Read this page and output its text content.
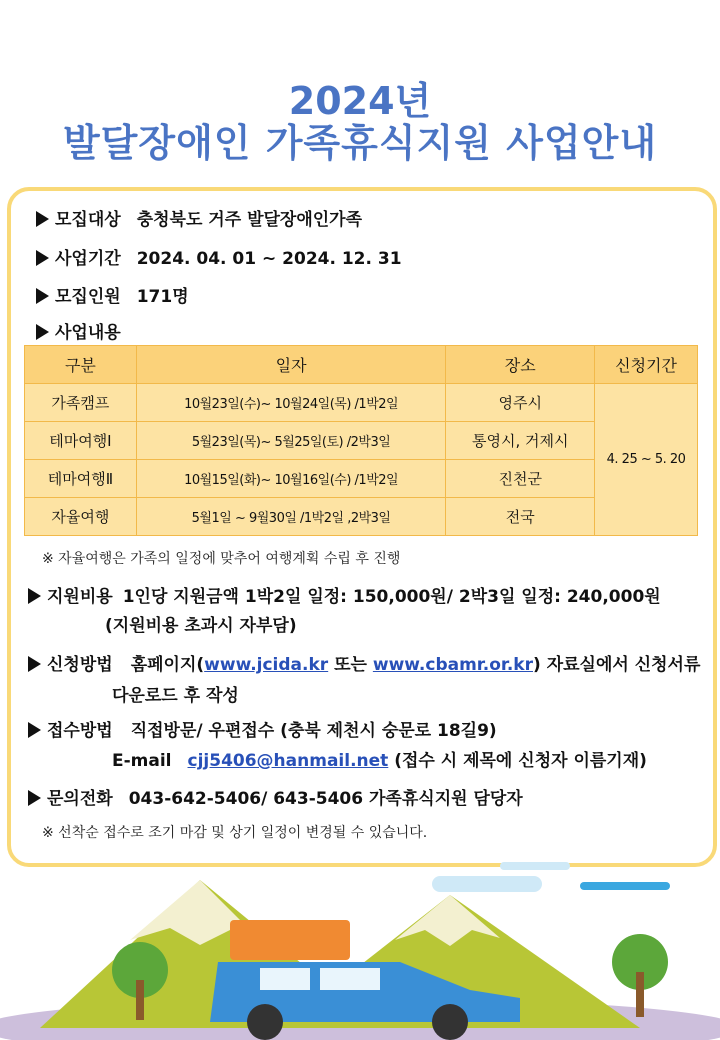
2024년
발달장애인 가족휴식지원 사업안내
모집대상 충청북도 거주 발달장애인가족
사업기간 2024. 04. 01 ~ 2024. 12. 31
모집인원 171명
사업내용
구분	일자	장소	신청기간
가족캠프	10월23일(수)~ 10월24일(목) /1박2일	영주시	4. 25 ~ 5. 20
테마여행Ⅰ	5월23일(목)~ 5월25일(토) /2박3일	통영시, 거제시	
테마여행Ⅱ	10월15일(화)~ 10월16일(수) /1박2일	진천군	
자율여행	5월1일 ~ 9월30일 /1박2일 ,2박3일	전국	
※ 자율여행은 가족의 일정에 맞추어 여행계획 수립 후 진행
지원비용 1인당 지원금액 1박2일 일정: 150,000원/ 2박3일 일정: 240,000원
(지원비용 초과시 자부담)
신청방법 홈페이지(www.jcida.kr 또는 www.cbamr.or.kr) 자료실에서 신청서류
다운로드 후 작성
접수방법 직접방문/ 우편접수 (충북 제천시 숭문로 18길9)
E-mail cjj5406@hanmail.net (접수 시 제목에 신청자 이름기재)
문의전화 043-642-5406/ 643-5406 가족휴식지원 담당자
※ 선착순 접수로 조기 마감 및 상기 일정이 변경될 수 있습니다.
